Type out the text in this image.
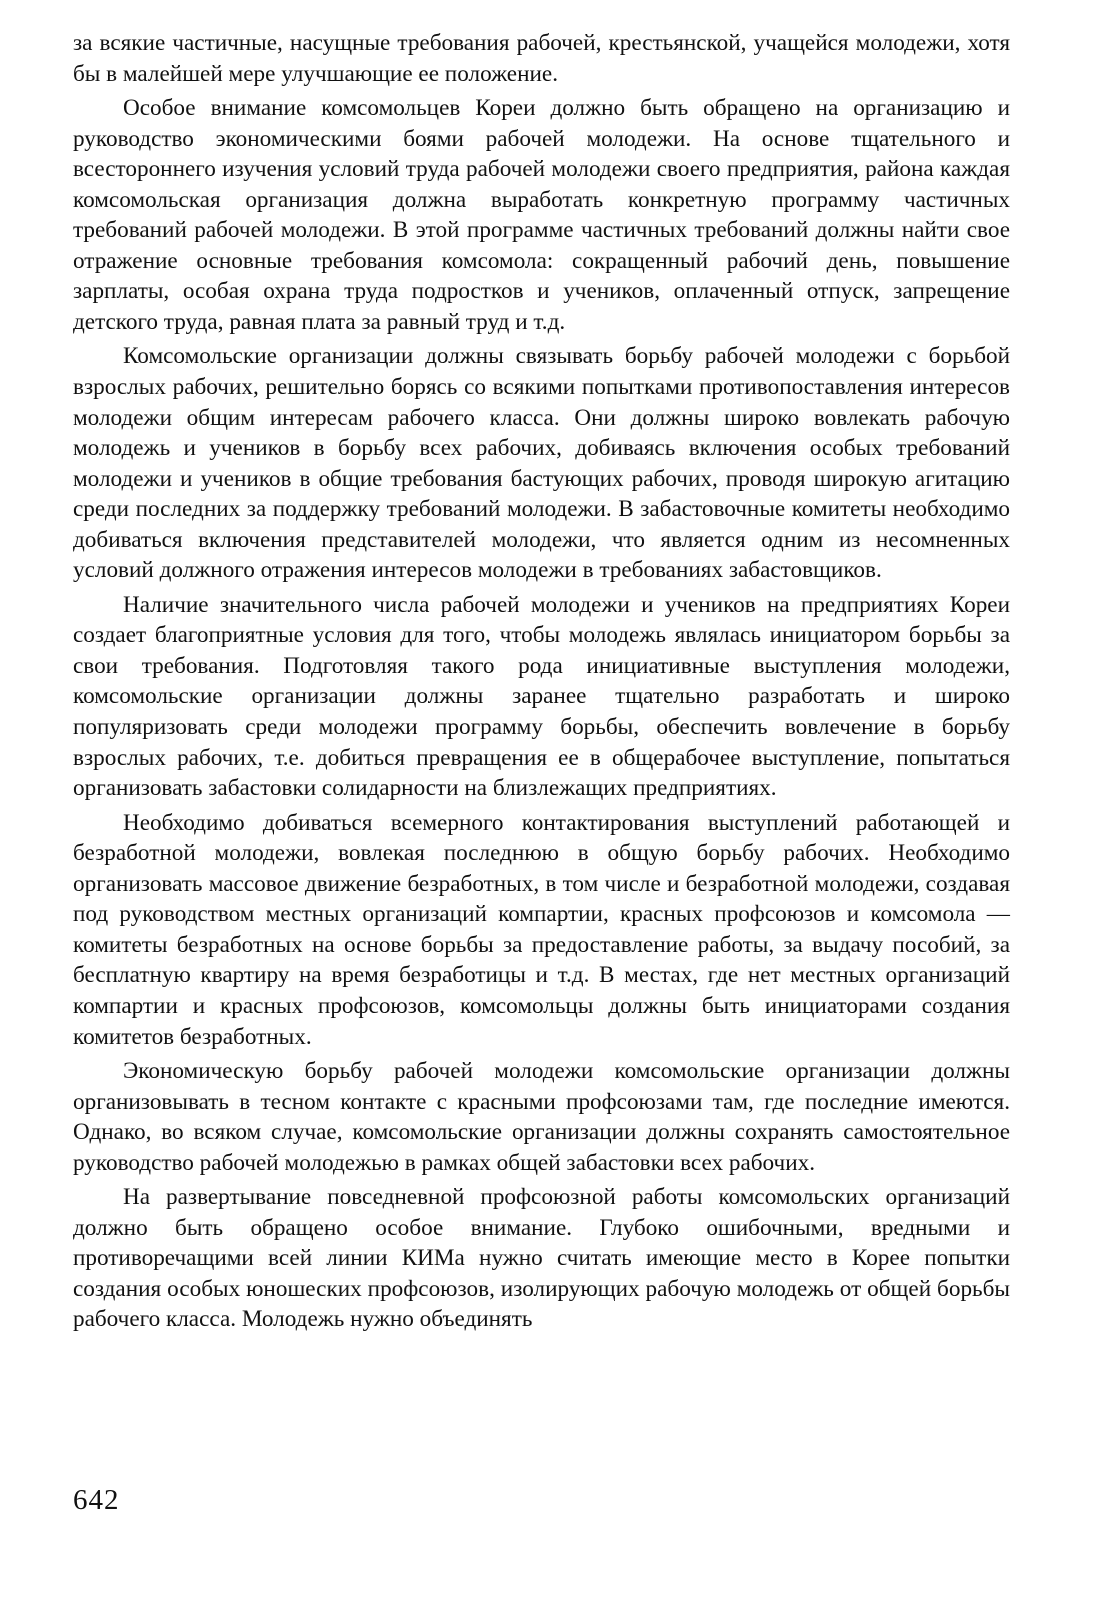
за всякие частичные, насущные требования рабочей, крестьянской, учащейся молодежи, хотя бы в малейшей мере улучшающие ее положение.

Особое внимание комсомольцев Кореи должно быть обращено на организацию и руководство экономическими боями рабочей молодежи. На основе тщательного и всестороннего изучения условий труда рабочей молодежи своего предприятия, района каждая комсомольская организация должна выработать конкретную программу частичных требований рабочей молодежи. В этой программе частичных требований должны найти свое отражение основные требования комсомола: сокращенный рабочий день, повышение зарплаты, особая охрана труда подростков и учеников, оплаченный отпуск, запрещение детского труда, равная плата за равный труд и т.д.

Комсомольские организации должны связывать борьбу рабочей молодежи с борьбой взрослых рабочих, решительно борясь со всякими попытками противопоставления интересов молодежи общим интересам рабочего класса. Они должны широко вовлекать рабочую молодежь и учеников в борьбу всех рабочих, добиваясь включения особых требований молодежи и учеников в общие требования бастующих рабочих, проводя широкую агитацию среди последних за поддержку требований молодежи. В забастовочные комитеты необходимо добиваться включения представителей молодежи, что является одним из несомненных условий должного отражения интересов молодежи в требованиях забастовщиков.

Наличие значительного числа рабочей молодежи и учеников на предприятиях Кореи создает благоприятные условия для того, чтобы молодежь являлась инициатором борьбы за свои требования. Подготовляя такого рода инициативные выступления молодежи, комсомольские организации должны заранее тщательно разработать и широко популяризовать среди молодежи программу борьбы, обеспечить вовлечение в борьбу взрослых рабочих, т.е. добиться превращения ее в общерабочее выступление, попытаться организовать забастовки солидарности на близлежащих предприятиях.

Необходимо добиваться всемерного контактирования выступлений работающей и безработной молодежи, вовлекая последнюю в общую борьбу рабочих. Необходимо организовать массовое движение безработных, в том числе и безработной молодежи, создавая под руководством местных организаций компартии, красных профсоюзов и комсомола — комитеты безработных на основе борьбы за предоставление работы, за выдачу пособий, за бесплатную квартиру на время безработицы и т.д. В местах, где нет местных организаций компартии и красных профсоюзов, комсомольцы должны быть инициаторами создания комитетов безработных.

Экономическую борьбу рабочей молодежи комсомольские организации должны организовывать в тесном контакте с красными профсоюзами там, где последние имеются. Однако, во всяком случае, комсомольские организации должны сохранять самостоятельное руководство рабочей молодежью в рамках общей забастовки всех рабочих.

На развертывание повседневной профсоюзной работы комсомольских организаций должно быть обращено особое внимание. Глубоко ошибочными, вредными и противоречащими всей линии КИМа нужно считать имеющие место в Корее попытки создания особых юношеских профсоюзов, изолирующих рабочую молодежь от общей борьбы рабочего класса. Молодежь нужно объединять

642
